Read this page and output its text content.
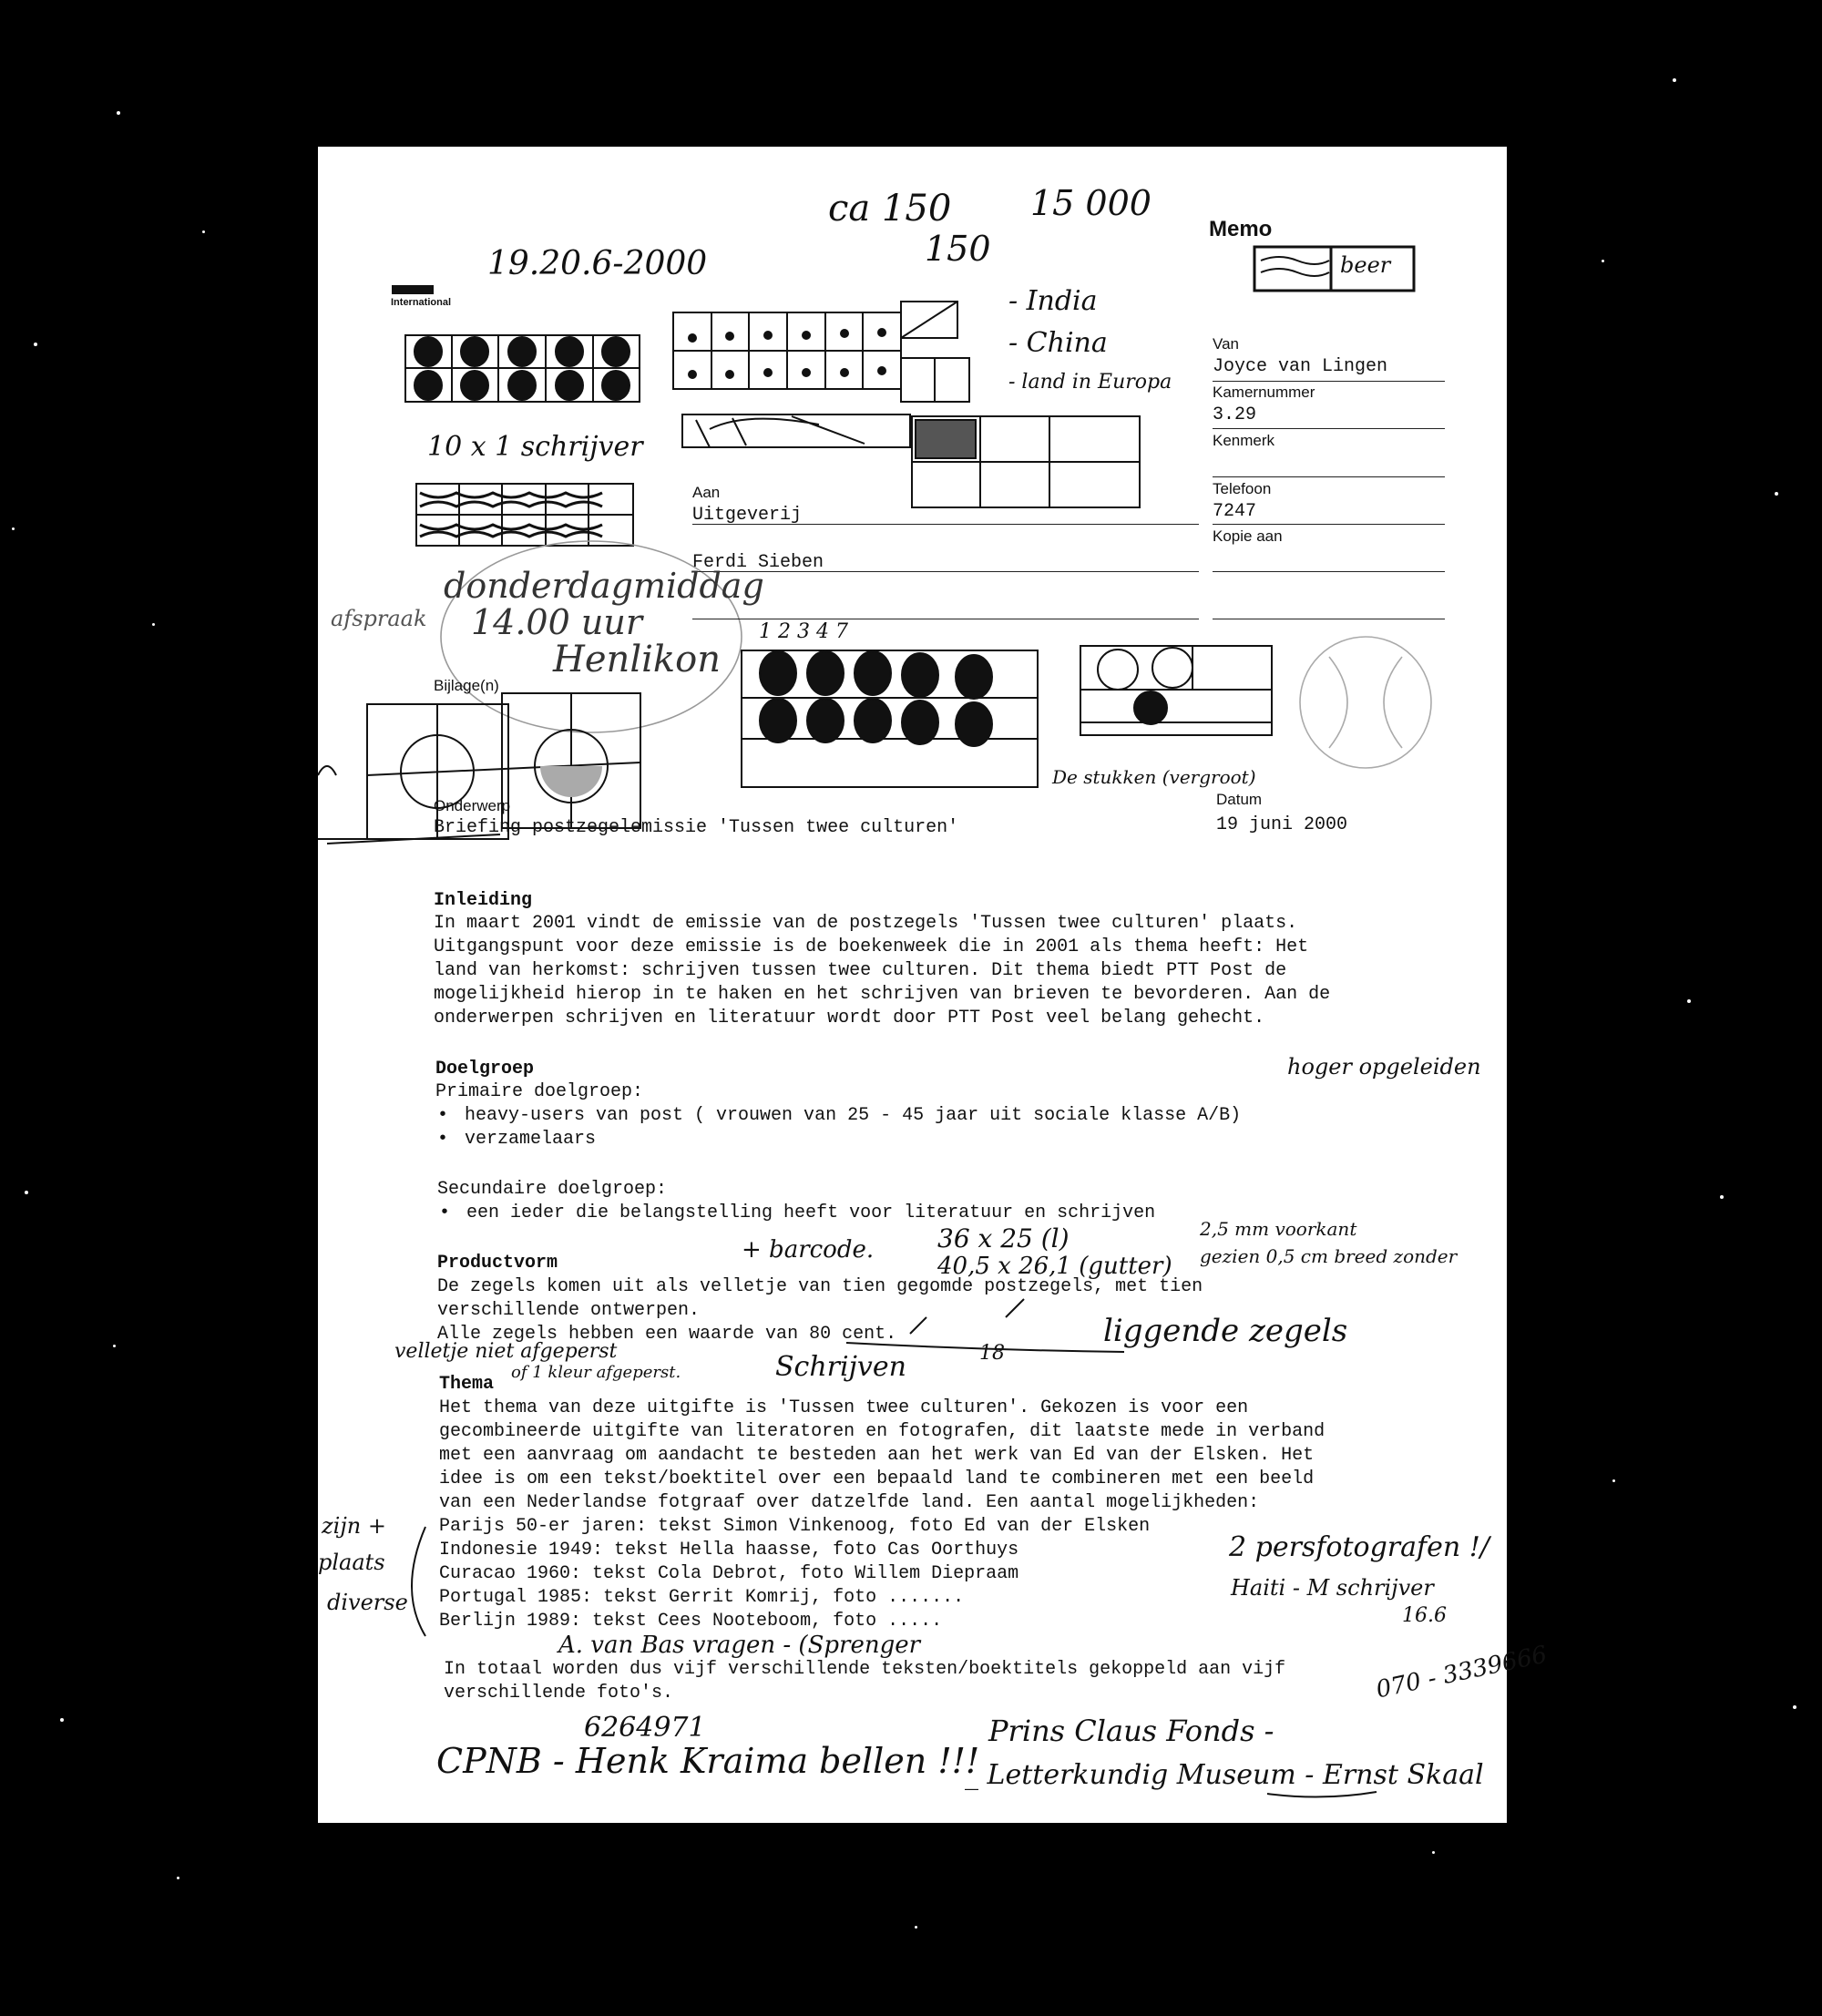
International
Memo
Van
Joyce van Lingen
Kamernummer
3.29
Kenmerk
Telefoon
7247
Kopie aan
Aan
Uitgeverij
Ferdi Sieben
Bijlage(n)
Onderwerp
Briefing postzegelemissie 'Tussen twee culturen'
Datum
19 juni 2000
Inleiding
In maart 2001 vindt de emissie van de postzegels 'Tussen twee culturen' plaats.
Uitgangspunt voor deze emissie is de boekenweek die in 2001 als thema heeft: Het
land van herkomst: schrijven tussen twee culturen. Dit thema biedt PTT Post de
mogelijkheid hierop in te haken en het schrijven van brieven te bevorderen. Aan de
onderwerpen schrijven en literatuur wordt door PTT Post veel belang gehecht.
Doelgroep
Primaire doelgroep:
• heavy-users van post ( vrouwen van 25 - 45 jaar uit sociale klasse A/B)
• verzamelaars
Secundaire doelgroep:
• een ieder die belangstelling heeft voor literatuur en schrijven
Productvorm
De zegels komen uit als velletje van tien gegomde postzegels, met tien
verschillende ontwerpen.
Alle zegels hebben een waarde van 80 cent.
Thema
Het thema van deze uitgifte is 'Tussen twee culturen'. Gekozen is voor een
gecombineerde uitgifte van literatoren en fotografen, dit laatste mede in verband
met een aanvraag om aandacht te besteden aan het werk van Ed van der Elsken. Het
idee is om een tekst/boektitel over een bepaald land te combineren met een beeld
van een Nederlandse fotgraaf over datzelfde land. Een aantal mogelijkheden:
Parijs 50-er jaren: tekst Simon Vinkenoog, foto Ed van der Elsken
Indonesie 1949: tekst Hella haasse, foto Cas Oorthuys
Curacao 1960: tekst Cola Debrot, foto Willem Diepraam
Portugal 1985: tekst Gerrit Komrij, foto .......
Berlijn 1989: tekst Cees Nooteboom, foto .....
In totaal worden dus vijf verschillende teksten/boektitels gekoppeld aan vijf
verschillende foto's.
19.20.6-2000
ca 150
150
15 000
beer
- India
- China
- land in Europa
10 x 1 schrijver
afspraak
donderdagmiddag
14.00 uur
Henlikon
1 2 3 4 7
De stukken (vergroot)
hoger opgeleiden
+ barcode. 36 x 25 (l)
40,5 x 26,1 (gutter)
2,5 mm voorkant
gezien 0,5 cm breed zonder
liggende zegels
velletje niet afgeperst
of 1 kleur afgeperst.	Schrijven	18
zijn +
plaats
diverse
2 persfotografen !/
Haiti - M schrijver
16.6
070 - 3339666
A. van Bas vragen - (Sprenger
6264971
CPNB - Henk Kraima bellen !!!
Prins Claus Fonds -
_ Letterkundig Museum - Ernst Skaal
